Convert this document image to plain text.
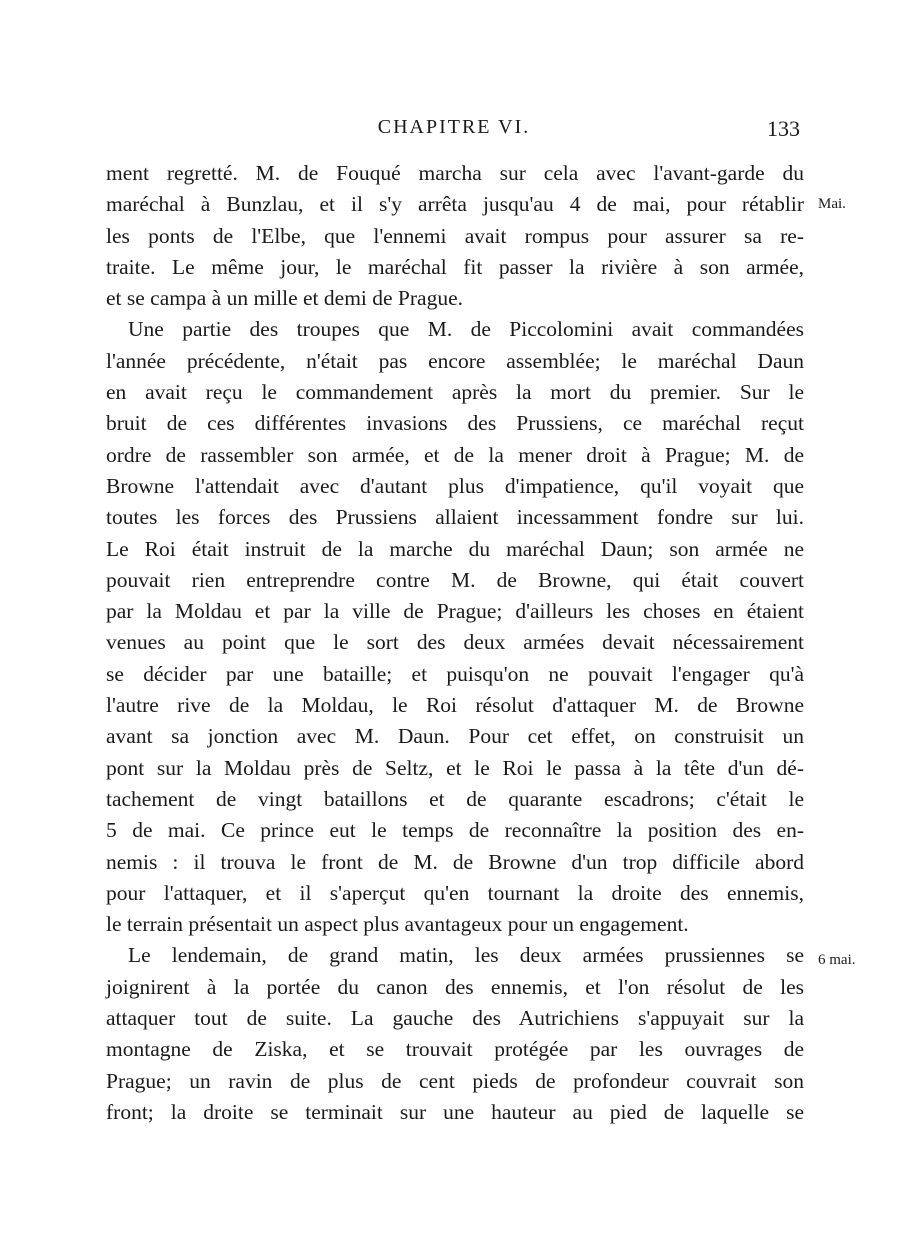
CHAPITRE VI.	133
Mai.
6 mai.
ment regretté. M. de Fouqué marcha sur cela avec l'avant-garde du
maréchal à Bunzlau, et il s'y arrêta jusqu'au 4 de mai, pour rétablir
les ponts de l'Elbe, que l'ennemi avait rompus pour assurer sa re-
traite. Le même jour, le maréchal fit passer la rivière à son armée,
et se campa à un mille et demi de Prague.
Une partie des troupes que M. de Piccolomini avait commandées
l'année précédente, n'était pas encore assemblée; le maréchal Daun
en avait reçu le commandement après la mort du premier. Sur le
bruit de ces différentes invasions des Prussiens, ce maréchal reçut
ordre de rassembler son armée, et de la mener droit à Prague; M. de
Browne l'attendait avec d'autant plus d'impatience, qu'il voyait que
toutes les forces des Prussiens allaient incessamment fondre sur lui.
Le Roi était instruit de la marche du maréchal Daun; son armée ne
pouvait rien entreprendre contre M. de Browne, qui était couvert
par la Moldau et par la ville de Prague; d'ailleurs les choses en étaient
venues au point que le sort des deux armées devait nécessairement
se décider par une bataille; et puisqu'on ne pouvait l'engager qu'à
l'autre rive de la Moldau, le Roi résolut d'attaquer M. de Browne
avant sa jonction avec M. Daun. Pour cet effet, on construisit un
pont sur la Moldau près de Seltz, et le Roi le passa à la tête d'un dé-
tachement de vingt bataillons et de quarante escadrons; c'était le
5 de mai. Ce prince eut le temps de reconnaître la position des en-
nemis : il trouva le front de M. de Browne d'un trop difficile abord
pour l'attaquer, et il s'aperçut qu'en tournant la droite des ennemis,
le terrain présentait un aspect plus avantageux pour un engagement.
Le lendemain, de grand matin, les deux armées prussiennes se
joignirent à la portée du canon des ennemis, et l'on résolut de les
attaquer tout de suite. La gauche des Autrichiens s'appuyait sur la
montagne de Ziska, et se trouvait protégée par les ouvrages de
Prague; un ravin de plus de cent pieds de profondeur couvrait son
front; la droite se terminait sur une hauteur au pied de laquelle se
